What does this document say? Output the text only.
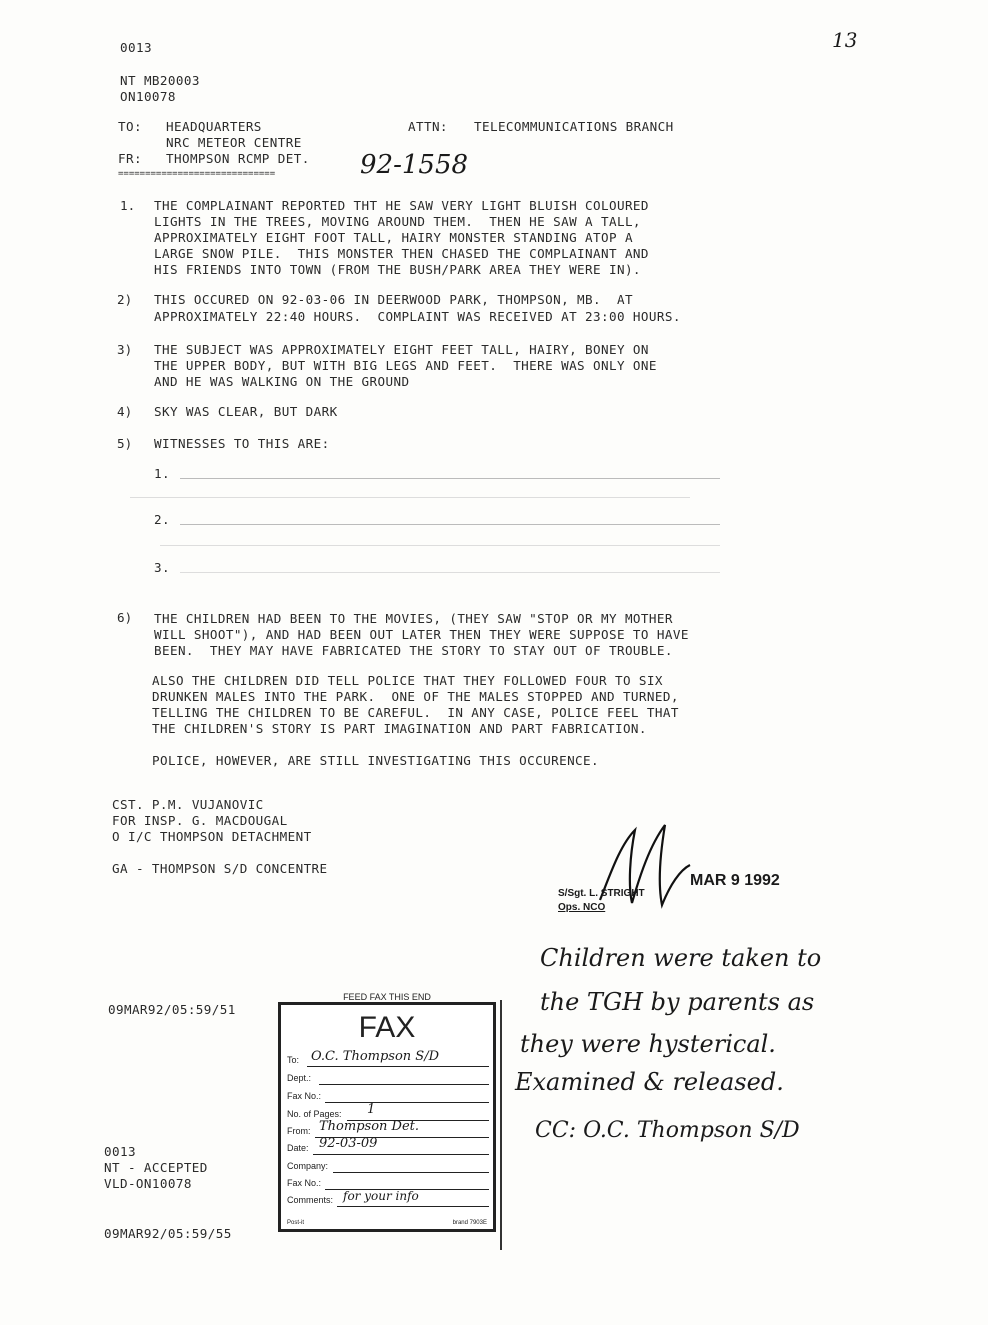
0013	13
NT MB20003
ON10078
TO: HEADQUARTERS	ATTN: TELECOMMUNICATIONS BRANCH
NRC METEOR CENTRE
FR: THOMPSON RCMP DET. 92-1558
=============================
1. THE COMPLAINANT REPORTED THT HE SAW VERY LIGHT BLUISH COLOURED
LIGHTS IN THE TREES, MOVING AROUND THEM.  THEN HE SAW A TALL,
APPROXIMATELY EIGHT FOOT TALL, HAIRY MONSTER STANDING ATOP A
LARGE SNOW PILE.  THIS MONSTER THEN CHASED THE COMPLAINANT AND
HIS FRIENDS INTO TOWN (FROM THE BUSH/PARK AREA THEY WERE IN).
2) THIS OCCURED ON 92-03-06 IN DEERWOOD PARK, THOMPSON, MB.  AT
APPROXIMATELY 22:40 HOURS.  COMPLAINT WAS RECEIVED AT 23:00 HOURS.
3) THE SUBJECT WAS APPROXIMATELY EIGHT FEET TALL, HAIRY, BONEY ON
THE UPPER BODY, BUT WITH BIG LEGS AND FEET.  THERE WAS ONLY ONE
AND HE WAS WALKING ON THE GROUND
4) SKY WAS CLEAR, BUT DARK
5) WITNESSES TO THIS ARE:
1.
2.
3.
6) THE CHILDREN HAD BEEN TO THE MOVIES, (THEY SAW "STOP OR MY MOTHER
WILL SHOOT"), AND HAD BEEN OUT LATER THEN THEY WERE SUPPOSE TO HAVE
BEEN.  THEY MAY HAVE FABRICATED THE STORY TO STAY OUT OF TROUBLE.
ALSO THE CHILDREN DID TELL POLICE THAT THEY FOLLOWED FOUR TO SIX
DRUNKEN MALES INTO THE PARK.  ONE OF THE MALES STOPPED AND TURNED,
TELLING THE CHILDREN TO BE CAREFUL.  IN ANY CASE, POLICE FEEL THAT
THE CHILDREN'S STORY IS PART IMAGINATION AND PART FABRICATION.
POLICE, HOWEVER, ARE STILL INVESTIGATING THIS OCCURENCE.
CST. P.M. VUJANOVIC
FOR INSP. G. MACDOUGAL
O I/C THOMPSON DETACHMENT
GA - THOMPSON S/D CONCENTRE
S/Sgt. L. STRIGHT
Ops. NCO
MAR 9 1992
Children were taken to
the TGH by parents as
they were hysterical.
Examined & released.
CC: O.C. Thompson S/D
09MAR92/05:59/51
0013
NT - ACCEPTED
VLD-ON10078
09MAR92/05:59/55
FEED FAX THIS END
FAX
To: O.C. Thompson S/D
Dept.:
Fax No.:
No. of Pages: 1
From: Thompson Det.
Date: 92-03-09
Company:
Fax No.:
Comments: for your info
Post-it	brand 7903E
